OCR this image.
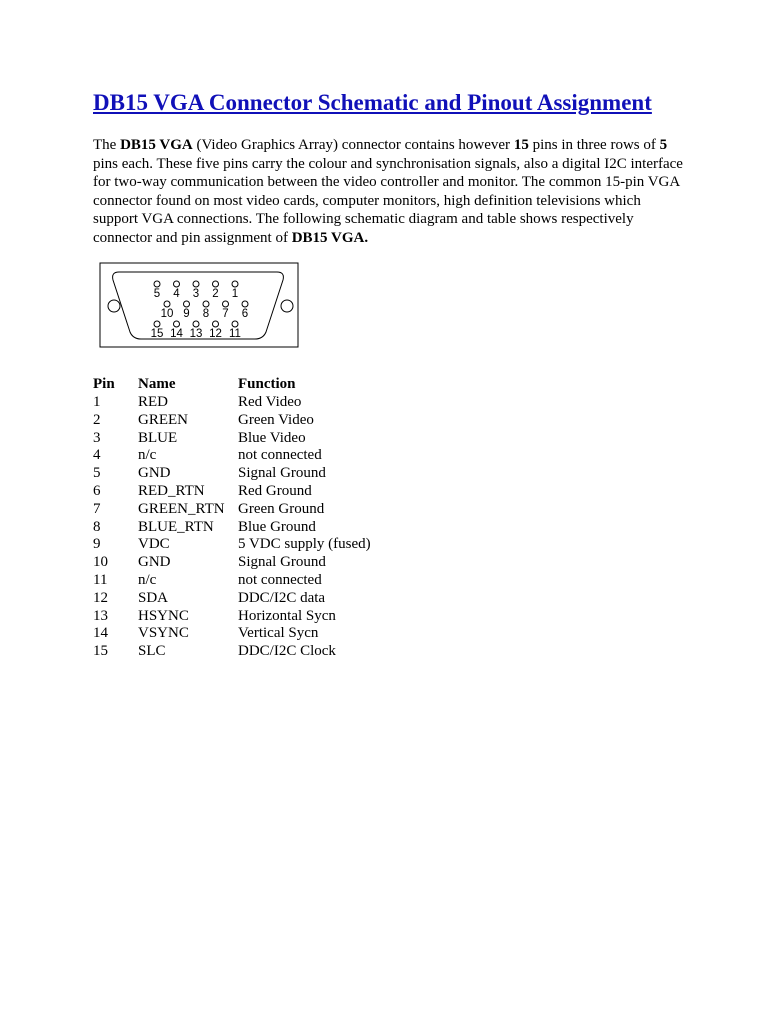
DB15 VGA Connector Schematic and Pinout Assignment

The DB15 VGA (Video Graphics Array) connector contains however 15 pins in three rows of 5 pins each. These five pins carry the colour and synchronisation signals, also a digital I2C interface for two-way communication between the video controller and monitor. The common 15-pin VGA connector found on most video cards, computer monitors, high definition televisions which support VGA connections. The following schematic diagram and table shows respectively connector and pin assignment of DB15 VGA.

5 4 3 2 1
10 9 8 7 6
15 14 13 12 11
Pin	Name	Function
1	RED	Red Video
2	GREEN	Green Video
3	BLUE	Blue Video
4	n/c	not connected
5	GND	Signal Ground
6	RED_RTN	Red Ground
7	GREEN_RTN	Green Ground
8	BLUE_RTN	Blue Ground
9	VDC	5 VDC supply (fused)
10	GND	Signal Ground
11	n/c	not connected
12	SDA	DDC/I2C data
13	HSYNC	Horizontal Sycn
14	VSYNC	Vertical Sycn
15	SLC	DDC/I2C Clock
